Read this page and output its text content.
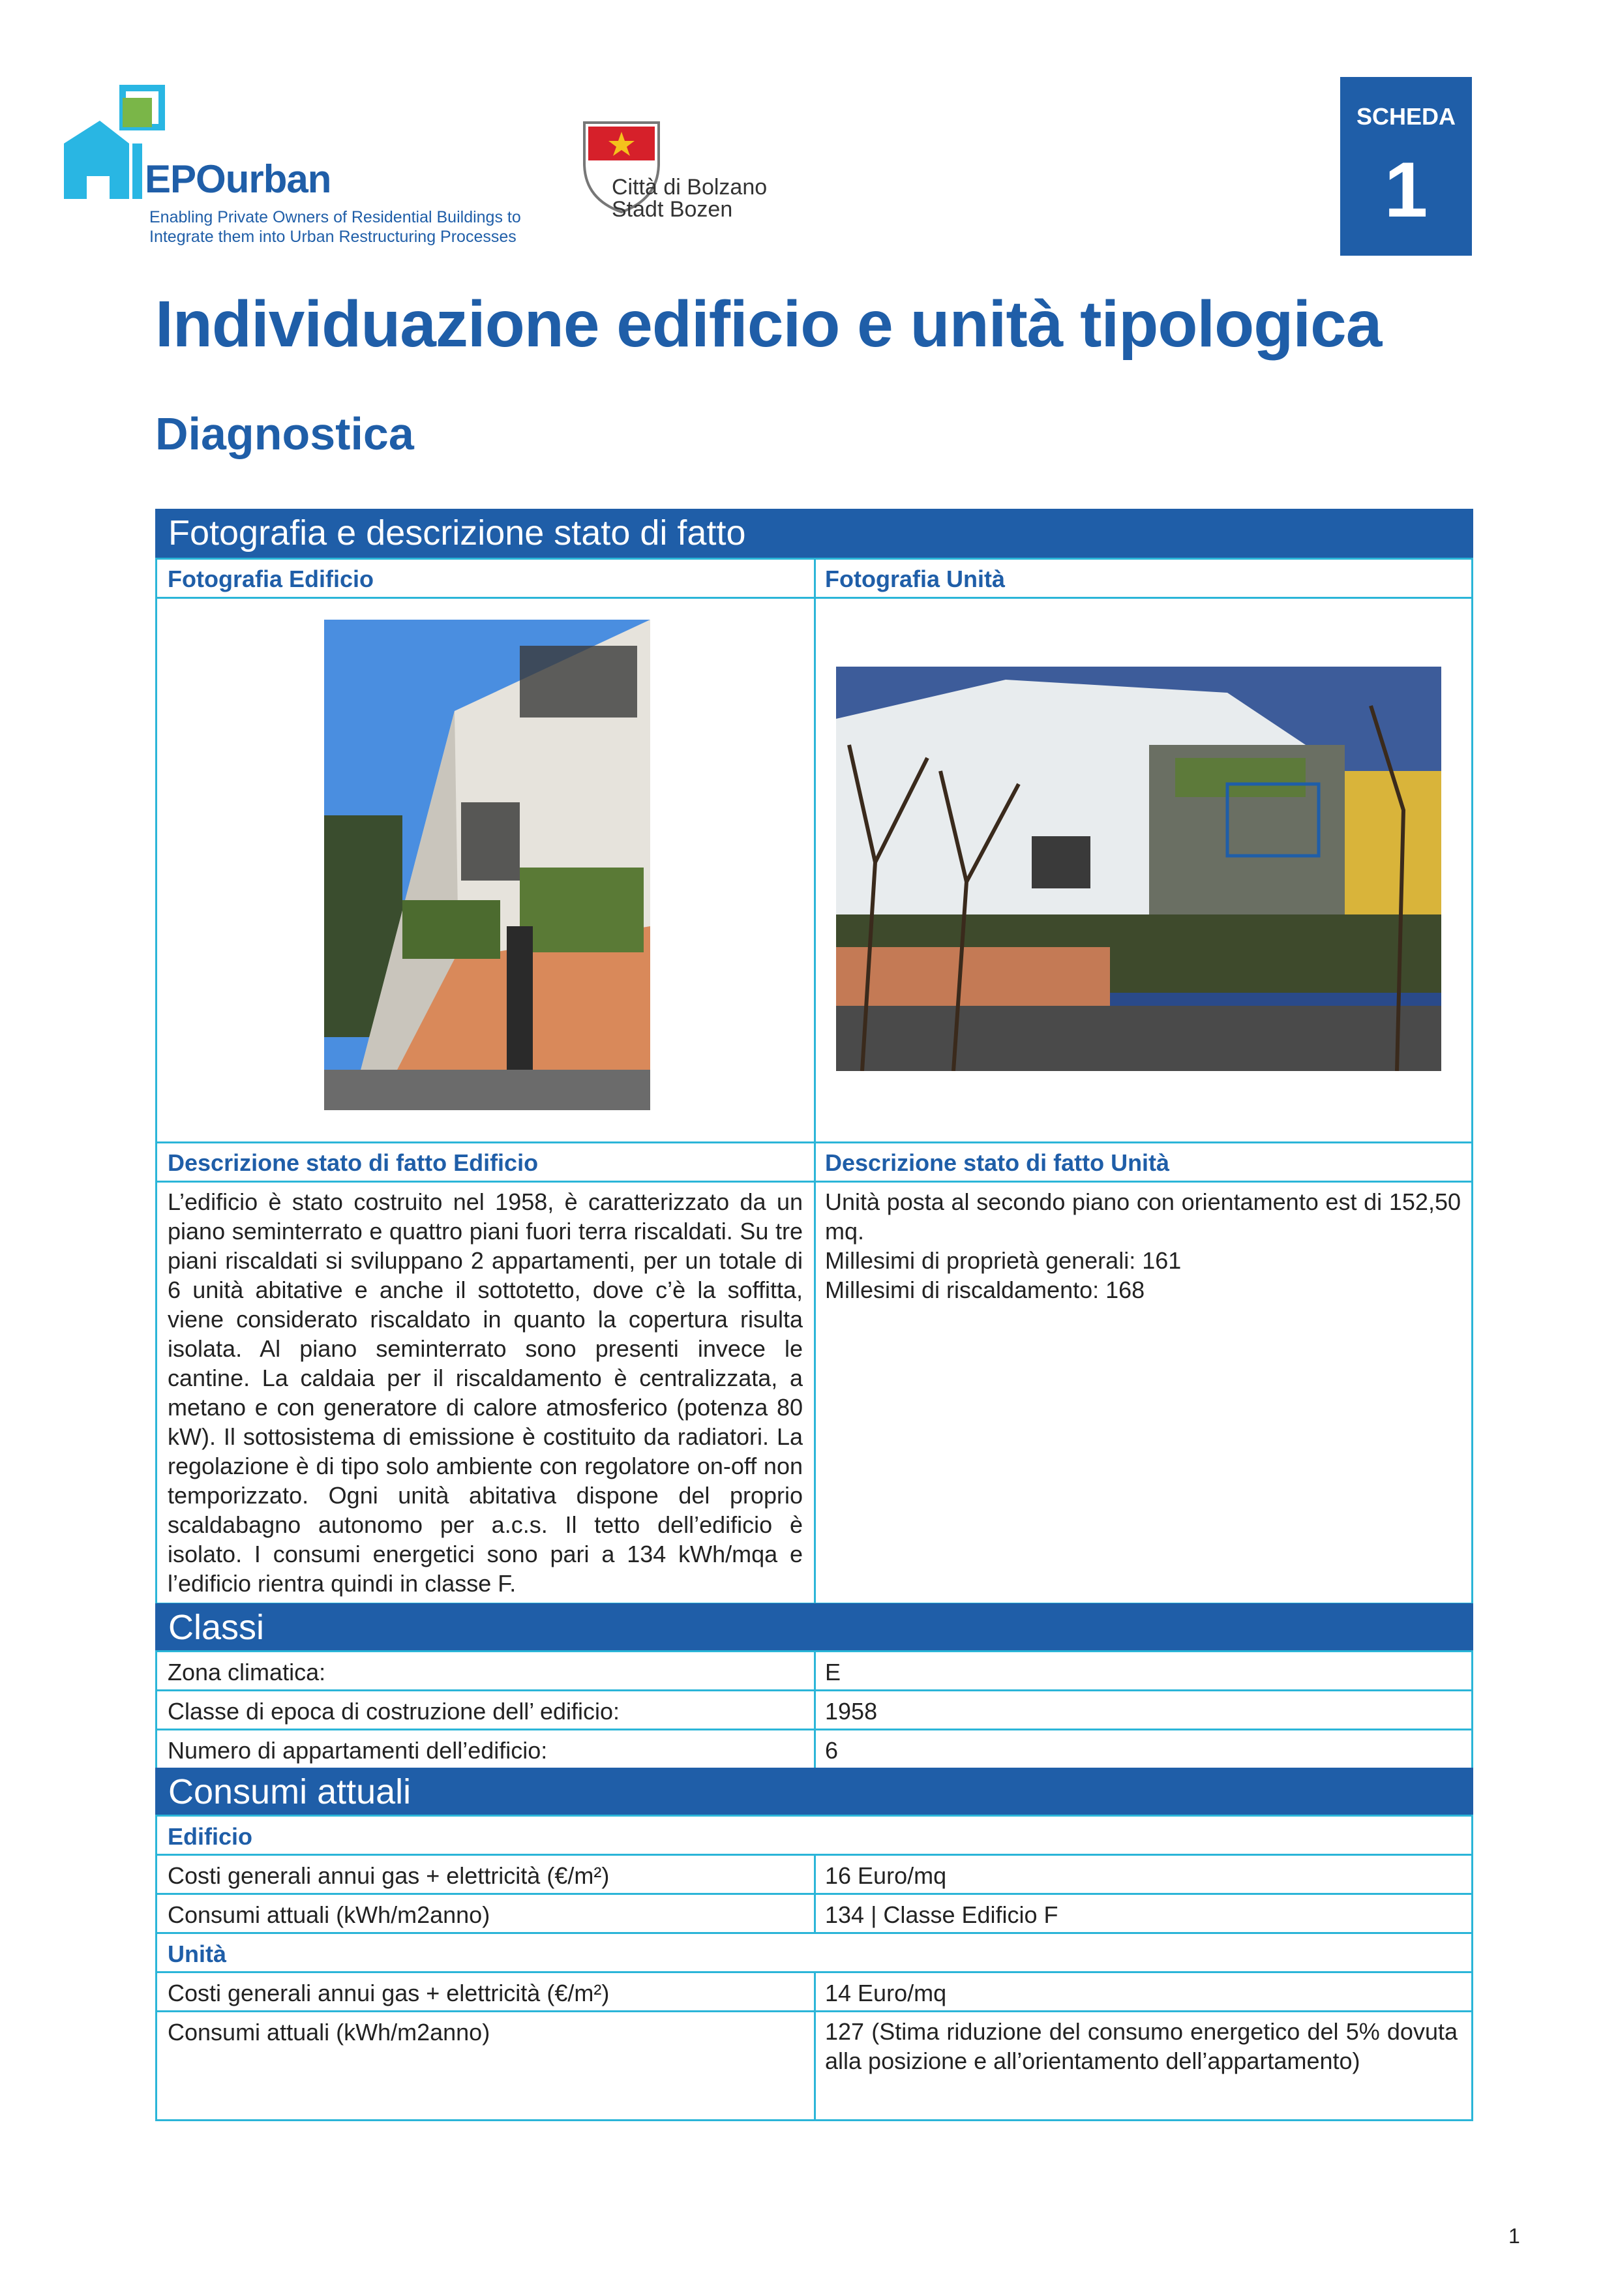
EPOurban
Enabling Private Owners of Residential Buildings to Integrate them into Urban Restructuring Processes
Città di Bolzano
Stadt Bozen
SCHEDA
1
Individuazione edificio e unità tipologica
Diagnostica
Fotografia e descrizione stato di fatto
Fotografia Edificio	Fotografia Unità
Descrizione stato di fatto Edificio	Descrizione stato di fatto Unità
L’edificio è stato costruito nel 1958, è caratterizzato da un piano seminterrato e quattro piani fuori terra riscaldati. Su tre piani riscaldati si sviluppano 2 appartamenti, per un totale di 6 unità abitative e anche il sottotetto, dove c’è la soffitta, viene considerato riscaldato in quanto la copertura risulta isolata. Al piano seminterrato sono presenti invece le cantine. La caldaia per il riscaldamento è centralizzata, a metano e con generatore di calore atmosferico (potenza 80 kW). Il sottosistema di emissione è costituito da radiatori. La regolazione è di tipo solo ambiente con regolatore on-off non temporizzato. Ogni unità abitativa dispone del proprio scaldabagno autonomo per a.c.s. Il tetto dell’edificio è isolato. I consumi energetici sono pari a 134 kWh/mqa e l’edificio rientra quindi in classe F.
Unità posta al secondo piano con orientamento est di 152,50 mq.
Millesimi di proprietà generali: 161
Millesimi di riscaldamento: 168
Classi
Zona climatica:	E
Classe di epoca di costruzione dell’ edificio:	1958
Numero di appartamenti dell’edificio:	6
Consumi attuali
Edificio
Costi generali annui gas + elettricità (€/m²)	16 Euro/mq
Consumi attuali (kWh/m2anno)	134 | Classe Edificio F
Unità
Costi generali annui gas + elettricità (€/m²)	14 Euro/mq
Consumi attuali (kWh/m2anno)	127 (Stima riduzione del consumo energetico del 5% dovuta alla posizione e all’orientamento dell’appartamento)
1
